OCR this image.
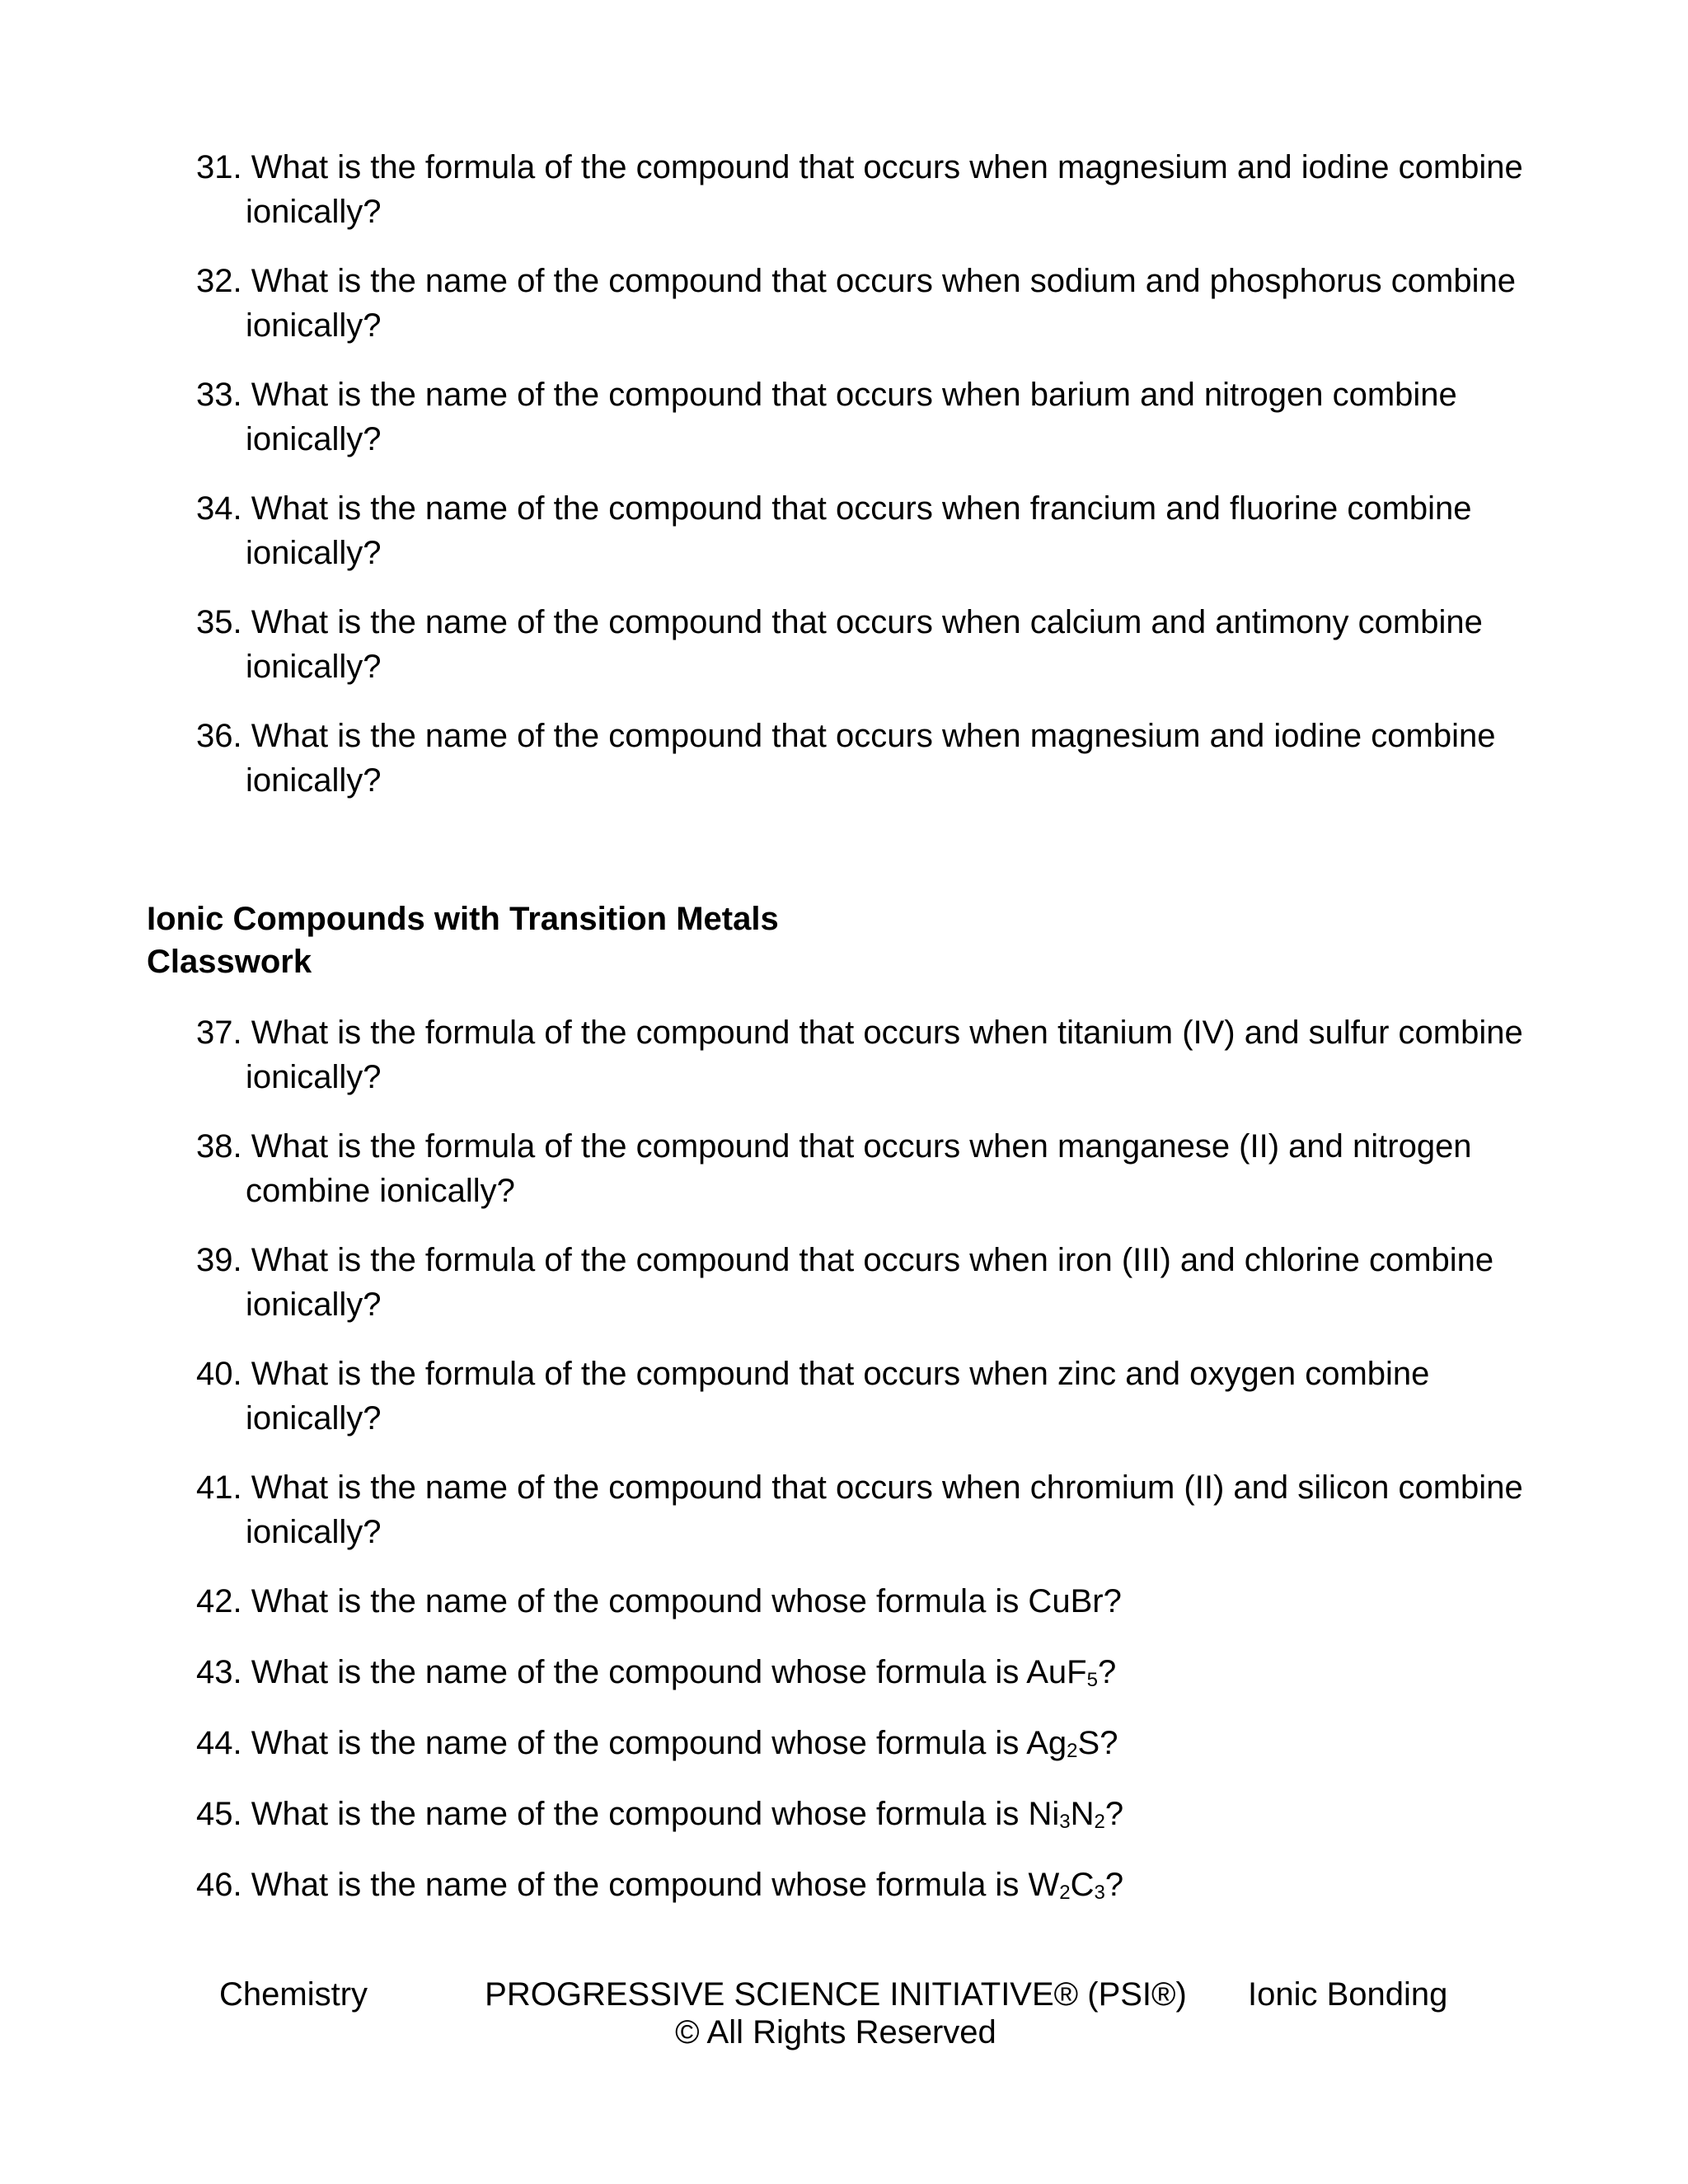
31. What is the formula of the compound that occurs when magnesium and iodine combine
ionically?
32. What is the name of the compound that occurs when sodium and phosphorus combine
ionically?
33. What is the name of the compound that occurs when barium and nitrogen combine
ionically?
34. What is the name of the compound that occurs when francium and fluorine combine
ionically?
35. What is the name of the compound that occurs when calcium and antimony combine
ionically?
36. What is the name of the compound that occurs when magnesium and iodine combine
ionically?
Ionic Compounds with Transition Metals
Classwork
37. What is the formula of the compound that occurs when titanium (IV) and sulfur combine
ionically?
38. What is the formula of the compound that occurs when manganese (II) and nitrogen
combine ionically?
39. What is the formula of the compound that occurs when iron (III) and chlorine combine
ionically?
40. What is the formula of the compound that occurs when zinc and oxygen combine
ionically?
41. What is the name of the compound that occurs when chromium (II) and silicon combine
ionically?
42. What is the name of the compound whose formula is CuBr?
43. What is the name of the compound whose formula is AuF$_5$?
44. What is the name of the compound whose formula is $Ag_2S$?
45. What is the name of the compound whose formula is $Ni_3N_2$?
46. What is the name of the compound whose formula is $W_2C_3$?
Chemistry	PROGRESSIVE SCIENCE INITIATIVE® (PSI®)	Ionic Bonding
© All Rights Reserved
